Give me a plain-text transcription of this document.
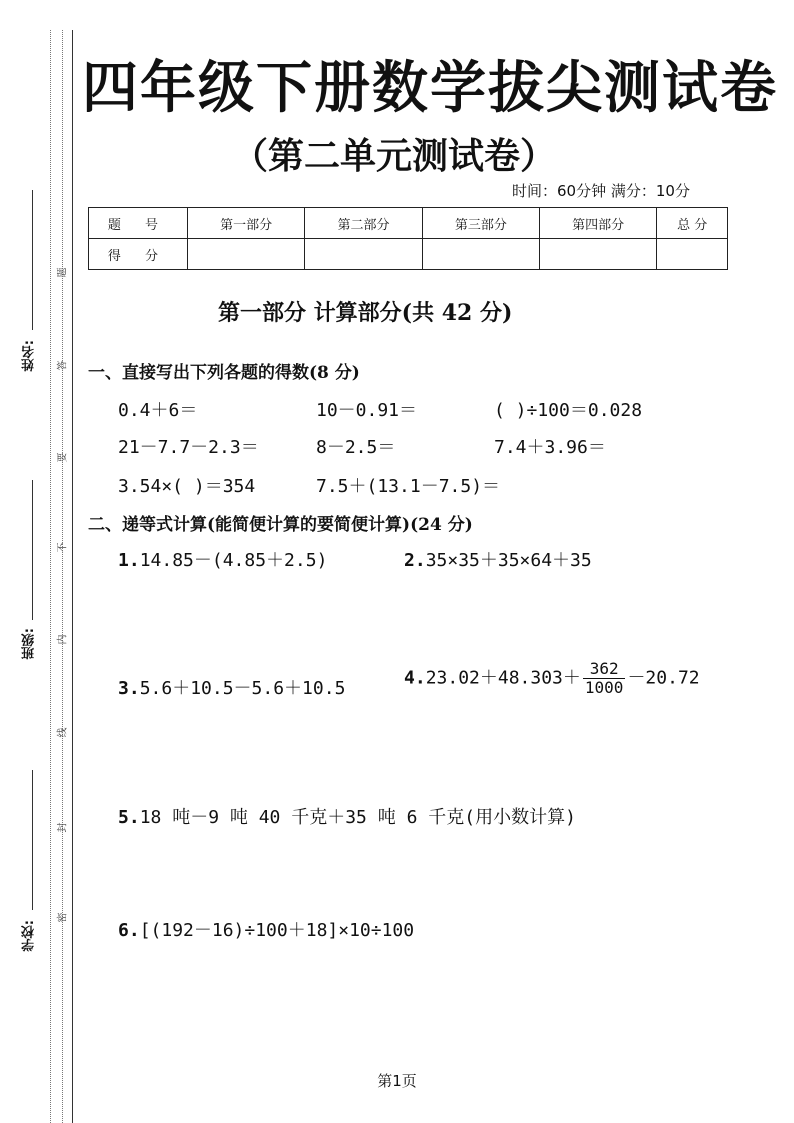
姓名:
班级:
学校:
题
答
要
不
内
线
封
密
四年级下册数学拔尖测试卷
（第二单元测试卷）
时间：60分钟 满分：10分
题 号	第一部分	第二部分	第三部分	第四部分	总 分
得 分					
第一部分 计算部分(共 42 分)
一、直接写出下列各题的得数(8 分)
0.4＋6＝	10－0.91＝	( )÷100＝0.028
21－7.7－2.3＝	8－2.5＝	7.4＋3.96＝
3.54×( )＝354	7.5＋(13.1－7.5)＝
二、递等式计算(能简便计算的要简便计算)(24 分)
1.14.85－(4.85＋2.5)	2.35×35＋35×64＋35
3.5.6＋10.5－5.6＋10.5	$4.23.02+48.303+ \frac{362}{1000} -20.72$
5.18 吨－9 吨 40 千克＋35 吨 6 千克(用小数计算)
6.[(192－16)÷100＋18]×10÷100
第1页
